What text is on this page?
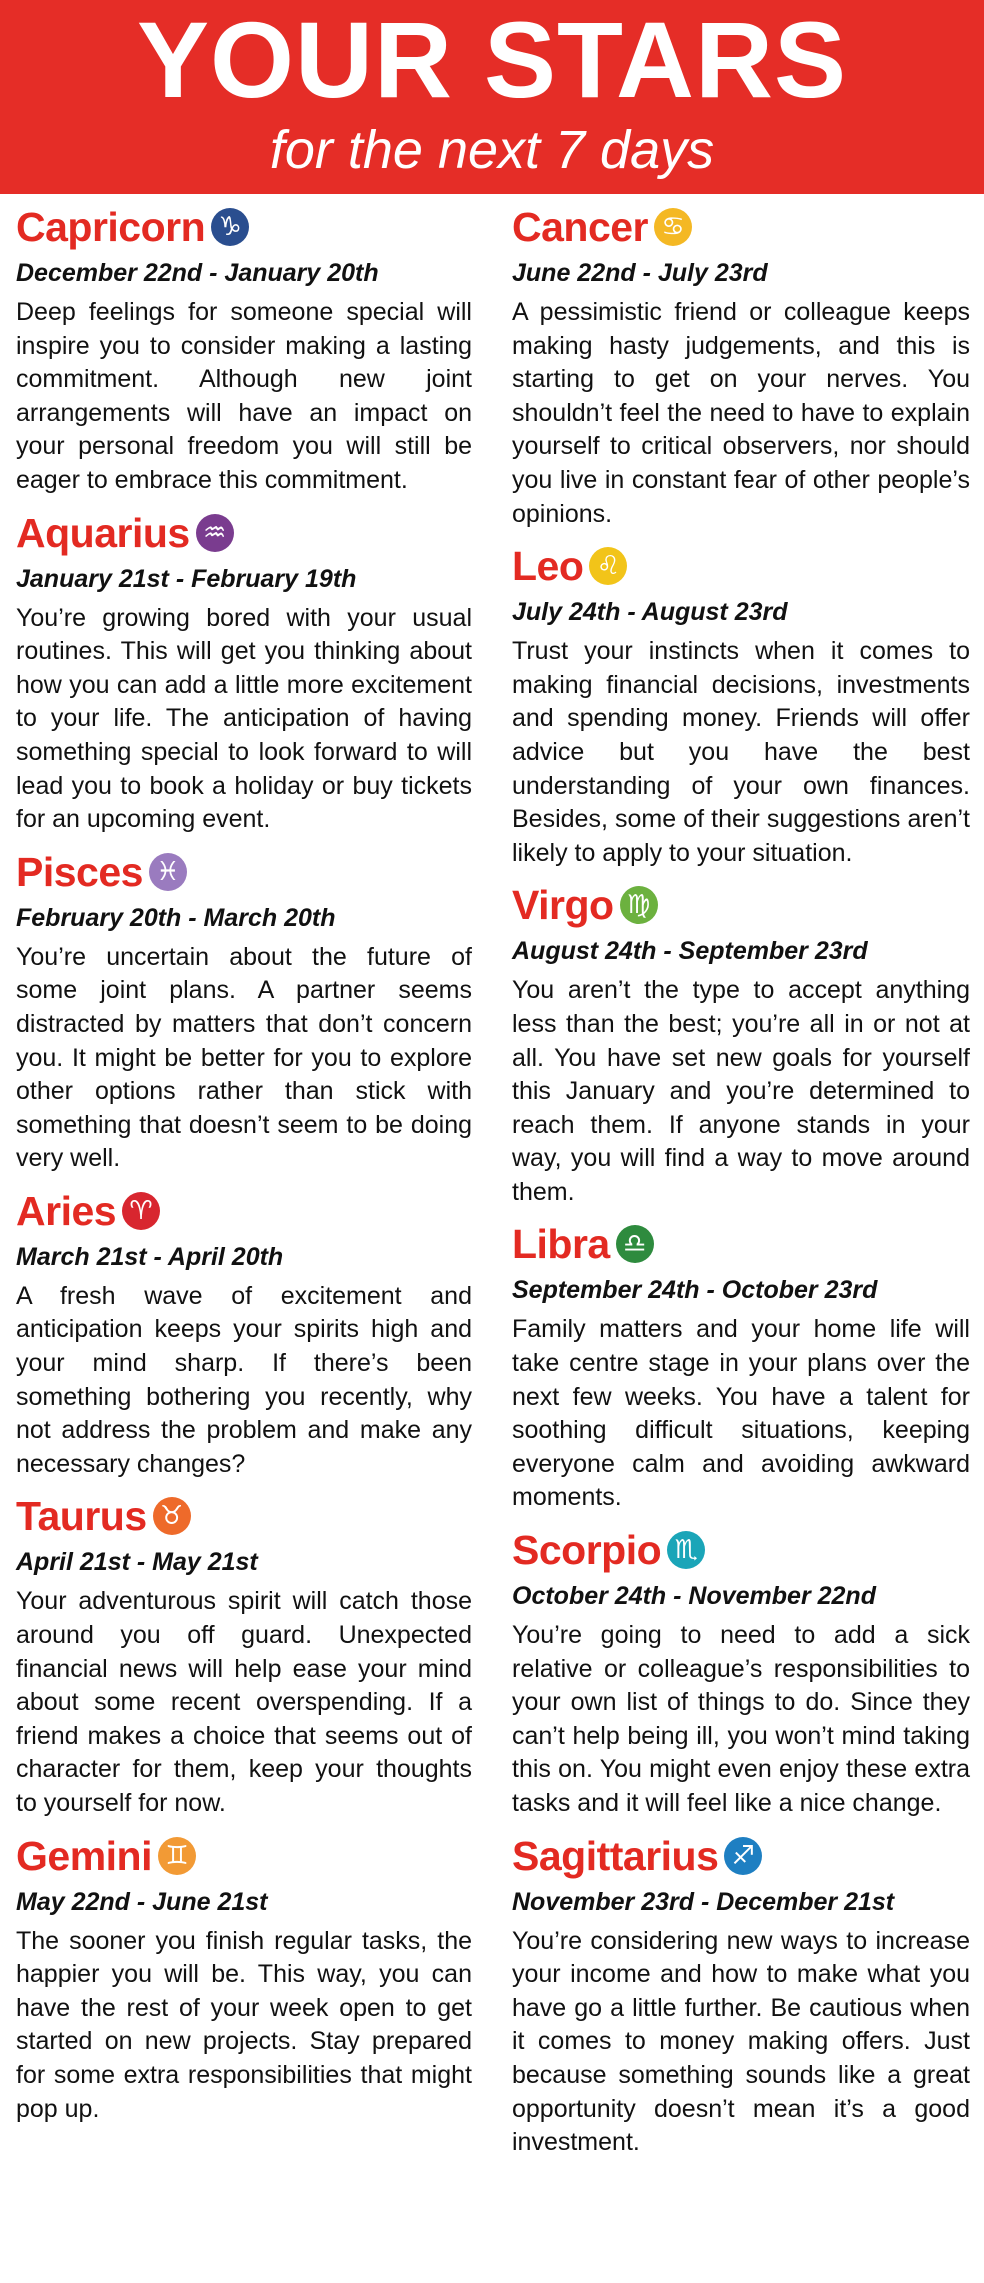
YOUR STARS
for the next 7 days
Capricorn ♑︎
December 22nd - January 20th

Deep feelings for someone special will inspire you to consider making a lasting commitment. Although new joint arrangements will have an impact on your personal freedom you will still be eager to embrace this commitment.

Aquarius ♒︎
January 21st - February 19th

You’re growing bored with your usual routines. This will get you thinking about how you can add a little more excitement to your life. The anticipation of having something special to look forward to will lead you to book a holiday or buy tickets for an upcoming event.

Pisces ♓︎
February 20th - March 20th

You’re uncertain about the future of some joint plans. A partner seems distracted by matters that don’t concern you. It might be better for you to explore other options rather than stick with something that doesn’t seem to be doing very well.

Aries ♈︎
March 21st - April 20th

A fresh wave of excitement and anticipation keeps your spirits high and your mind sharp. If there’s been something bothering you recently, why not address the problem and make any necessary changes?

Taurus ♉︎
April 21st - May 21st

Your adventurous spirit will catch those around you off guard. Unexpected financial news will help ease your mind about some recent overspending. If a friend makes a choice that seems out of character for them, keep your thoughts to yourself for now.

Gemini ♊︎
May 22nd - June 21st

The sooner you finish regular tasks, the happier you will be. This way, you can have the rest of your week open to get started on new projects. Stay prepared for some extra responsibilities that might pop up.

Cancer ♋︎
June 22nd - July 23rd

A pessimistic friend or colleague keeps making hasty judgements, and this is starting to get on your nerves. You shouldn’t feel the need to have to explain yourself to critical observers, nor should you live in constant fear of other people’s opinions.

Leo ♌︎
July 24th - August 23rd

Trust your instincts when it comes to making financial decisions, investments and spending money. Friends will offer advice but you have the best understanding of your own finances. Besides, some of their suggestions aren’t likely to apply to your situation.

Virgo ♍︎
August 24th - September 23rd

You aren’t the type to accept anything less than the best; you’re all in or not at all. You have set new goals for yourself this January and you’re determined to reach them. If anyone stands in your way, you will find a way to move around them.

Libra ♎︎
September 24th - October 23rd

Family matters and your home life will take centre stage in your plans over the next few weeks. You have a talent for soothing difficult situations, keeping everyone calm and avoiding awkward moments.

Scorpio ♏︎
October 24th - November 22nd

You’re going to need to add a sick relative or colleague’s responsibilities to your own list of things to do. Since they can’t help being ill, you won’t mind taking this on. You might even enjoy these extra tasks and it will feel like a nice change.

Sagittarius ♐︎
November 23rd - December 21st

You’re considering new ways to increase your income and how to make what you have go a little further. Be cautious when it comes to money making offers. Just because something sounds like a great opportunity doesn’t mean it’s a good investment.
